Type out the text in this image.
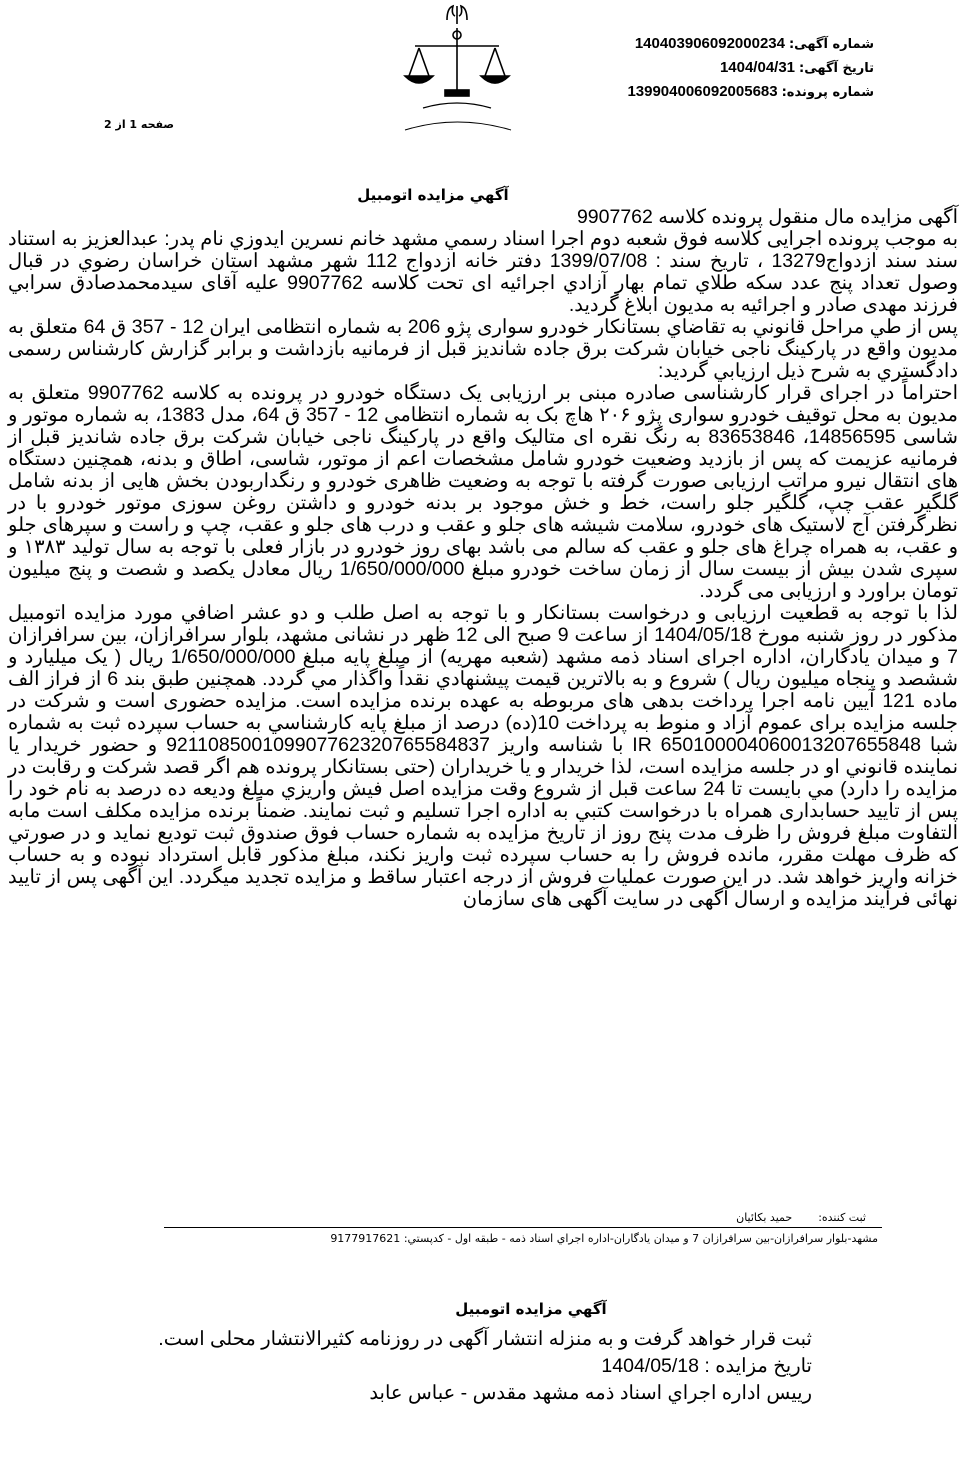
شماره آگهی:140403906092000234
تاریخ آگهی:1404/04/31
شماره پرونده:139904006092005683
صفحه 1 از 2
آگهي مزايده اتومبيل

آگهی مزايده مال منقول پرونده كلاسه 9907762

به موجب پرونده اجرايی كلاسه فوق شعبه دوم اجرا اسناد رسمي مشهد خانم نسرين ايدوزي نام پدر: عبدالعزيز به استناد سند سند ازدواج13279 ، تاريخ سند : 1399/07/08 دفتر خانه ازدواج 112 شهر مشهد استان خراسان رضوي در قبال وصول تعداد پنج عدد سكه طلاي تمام بهار آزادي اجرائيه ای تحت كلاسه 9907762 عليه آقای سيدمحمدصادق سرابي فرزند مهدی صادر و اجرائيه به مديون ابلاغ گرديد.

پس از طي مراحل قانوني به تقاضاي بستانكار خودرو سواری پژو 206 به شماره انتظامی ايران 12 - 357 ق 64 متعلق به مديون واقع در پاركينگ ناجی خيابان شركت برق جاده شانديز قبل از فرمانيه بازداشت و برابر گزارش كارشناس رسمی دادگستري به شرح ذيل ارزيابي گرديد:

احتراماً در اجرای قرار كارشناسی صادره مبنی بر ارزيابی يک دستگاه خودرو در پرونده به كلاسه 9907762 متعلق به مديون به محل توقيف خودرو سواری پژو ۲۰۶ هاچ بک به شماره انتظامی 12 - 357 ق 64، مدل 1383، به شماره موتور و شاسی 14856595، 83653846 به رنگ نقره ای متاليک واقع در پاركينگ ناجی خيابان شركت برق جاده شانديز قبل از فرمانيه عزيمت كه پس از بازديد وضعيت خودرو شامل مشخصات اعم از موتور، شاسی، اطاق و بدنه، همچنين دستگاه های انتقال نيرو مراتب ارزيابی صورت گرفته با توجه به وضعيت ظاهری خودرو و رنگداربودن بخش هايی از بدنه شامل گلگير عقب چپ، گلگير جلو راست، خط و خش موجود بر بدنه خودرو و داشتن روغن سوزی موتور خودرو با در نظرگرفتن آج لاستيک های خودرو، سلامت شيشه های جلو و عقب و درب های جلو و عقب، چپ و راست و سپرهای جلو و عقب، به همراه چراغ های جلو و عقب كه سالم می باشد بهای روز خودرو در بازار فعلی با توجه به سال توليد ۱۳۸۳ و سپری شدن بيش از بيست سال از زمان ساخت خودرو مبلغ 1/650/000/000 ريال معادل يكصد و شصت و پنج ميليون تومان براورد و ارزيابی می گردد.

لذا با توجه به قطعيت ارزيابی و درخواست بستانكار و با توجه به اصل طلب و دو عشر اضافي مورد مزايده اتومبيل مذكور در روز شنبه مورخ 1404/05/18 از ساعت 9 صبح الی 12 ظهر در نشانی مشهد، بلوار سرافرازان، بين سرافرازان 7 و ميدان يادگاران، اداره اجرای اسناد ذمه مشهد (شعبه مهريه) از مبلغ پايه مبلغ 1/650/000/000 ريال ( يک ميليارد و ششصد و پنجاه ميليون ريال ) شروع و به بالاترين قيمت پيشنهادي نقداً واگذار مي گردد. همچنين طبق بند 6 از فراز الف ماده 121 آيين نامه اجرا پرداخت بدهی های مربوطه به عهده برنده مزايده است. مزايده حضوری است و شركت در جلسه مزايده برای عموم آزاد و منوط به پرداخت 10(ده) درصد از مبلغ پايه كارشناسي به حساب سپرده ثبت به شماره شبا IR 650100004060013207655848 با شناسه واريز 921108500109907762320765584837 و حضور خريدار يا نماينده قانوني او در جلسه مزايده است، لذا خريدار و يا خريداران (حتی بستانكار پرونده هم اگر قصد شركت و رقابت در مزايده را دارد) مي بايست تا 24 ساعت قبل از شروع وقت مزايده اصل فيش واريزي مبلغ وديعه ده درصد به نام خود را پس از تاييد حسابداری همراه با درخواست كتبي به اداره اجرا تسليم و ثبت نمايند. ضمناً برنده مزايده مكلف است مابه التفاوت مبلغ فروش را ظرف مدت پنج روز از تاريخ مزايده به شماره حساب فوق صندوق ثبت توديع نمايد و در صورتي كه ظرف مهلت مقرر، مانده فروش را به حساب سپرده ثبت واريز نكند، مبلغ مذكور قابل استرداد نبوده و به حساب خزانه واريز خواهد شد. در اين صورت عمليات فروش از درجه اعتبار ساقط و مزايده تجديد ميگردد. اين آگهی پس از تاييد نهائی فرآيند مزايده و ارسال آگهی در سايت آگهی های سازمان

ثبت كننده:حميد بكائيان
مشهد-بلوار سرافرازان-بين سرافرازان 7 و ميدان يادگاران-اداره اجراي اسناد ذمه - طبقه اول - كدپستي: 9177917621
آگهي مزايده اتومبيل
ثبت قرار خواهد گرفت و به منزله انتشار آگهی در روزنامه كثيرالانتشار محلی است.
تاريخ مزايده : 1404/05/18
رييس اداره اجراي اسناد ذمه مشهد مقدس - عباس عابد
